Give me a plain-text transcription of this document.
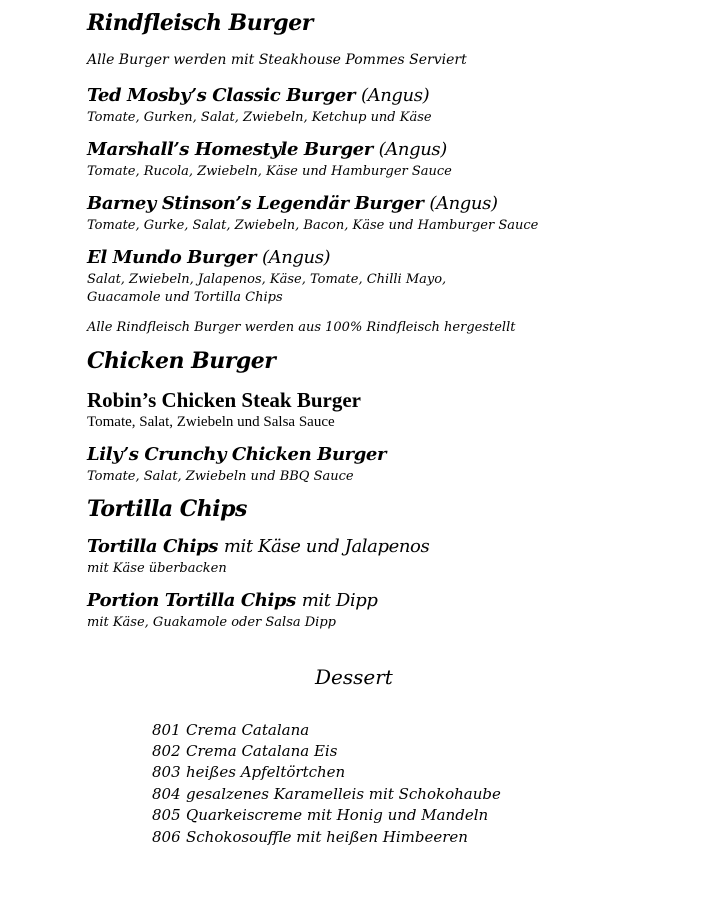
Rindfleisch Burger
Alle Burger werden mit Steakhouse Pommes Serviert
Ted Mosby’s Classic Burger (Angus)
Tomate, Gurken, Salat, Zwiebeln, Ketchup und Käse
Marshall’s Homestyle Burger (Angus)
Tomate, Rucola, Zwiebeln, Käse und Hamburger Sauce
Barney Stinson’s Legendär Burger (Angus)
Tomate, Gurke, Salat, Zwiebeln, Bacon, Käse und Hamburger Sauce
El Mundo Burger (Angus)
Salat, Zwiebeln, Jalapenos, Käse, Tomate, Chilli Mayo,
Guacamole und Tortilla Chips
Alle Rindfleisch Burger werden aus 100% Rindfleisch hergestellt
Chicken Burger
Robin’s Chicken Steak Burger
Tomate, Salat, Zwiebeln und Salsa Sauce
Lily’s Crunchy Chicken Burger
Tomate, Salat, Zwiebeln und BBQ Sauce
Tortilla Chips
Tortilla Chips mit Käse und Jalapenos
mit Käse überbacken
Portion Tortilla Chips mit Dipp
mit Käse, Guakamole oder Salsa Dipp
Dessert
801 Crema Catalana
802 Crema Catalana Eis
803 heißes Apfeltörtchen
804 gesalzenes Karamelleis mit Schokohaube
805 Quarkeiscreme mit Honig und Mandeln
806 Schokosouffle mit heißen Himbeeren
